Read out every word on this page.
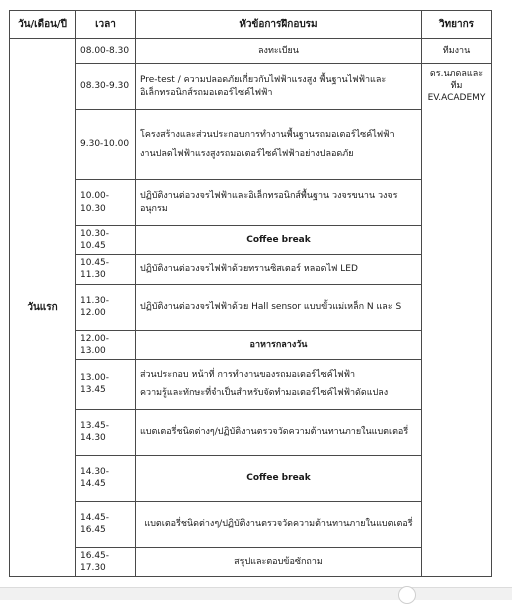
วัน/เดือน/ปี	เวลา	หัวข้อการฝึกอบรม	วิทยากร
วันแรก	08.00-8.30	ลงทะเบียน	ทีมงาน
	08.30-9.30	Pre-test / ความปลอดภัยเกี่ยวกับไฟฟ้าแรงสูง พื้นฐานไฟฟ้าและอิเล็กทรอนิกส์รถมอเตอร์ไซค์ไฟฟ้า	ดร.นภดลและทีม
EV.ACADEMY
	9.30-10.00	โครงสร้างและส่วนประกอบการทำงานพื้นฐานรถมอเตอร์ไซค์ไฟฟ้า
งานปลดไฟฟ้าแรงสูงรถมอเตอร์ไซค์ไฟฟ้าอย่างปลอดภัย	

	10.00-10.30	ปฏิบัติงานต่อวงจรไฟฟ้าและอิเล็กทรอนิกส์พื้นฐาน วงจรขนาน วงจรอนุกรม	

	10.30-10.45	Coffee break	
	10.45-11.30	ปฏิบัติงานต่อวงจรไฟฟ้าด้วยทรานซิสเตอร์ หลอดไฟ LED	

	11.30-12.00	ปฏิบัติงานต่อวงจรไฟฟ้าด้วย Hall sensor แบบขั้วแม่เหล็ก N และ S	

	12.00-13.00	อาหารกลางวัน	
	13.00-13.45	ส่วนประกอบ หน้าที่ การทำงานของรถมอเตอร์ไซค์ไฟฟ้า
ความรู้และทักษะที่จำเป็นสำหรับจัดทำมอเตอร์ไซค์ไฟฟ้าดัดแปลง	

	13.45-14.30	แบตเตอรี่ชนิดต่างๆ/ปฏิบัติงานตรวจวัดความต้านทานภายในแบตเตอรี่	

	14.30-14.45	Coffee break	
	14.45-16.45	แบตเตอรี่ชนิดต่างๆ/ปฏิบัติงานตรวจวัดความต้านทานภายในแบตเตอรี่	

	16.45-17.30	สรุปและตอบข้อซักถาม	
